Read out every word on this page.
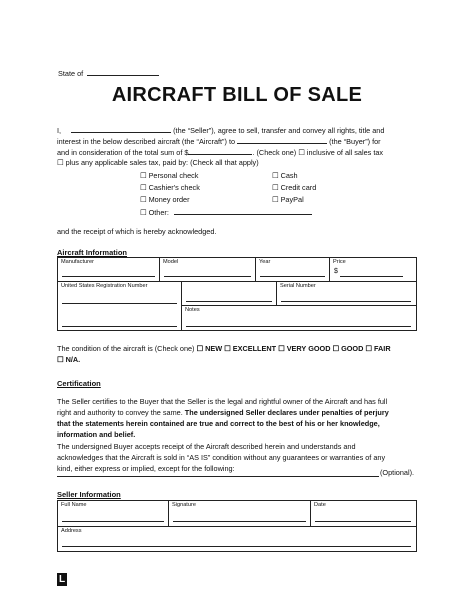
State of
AIRCRAFT BILL OF SALE
I,	(the “Seller”), agree to sell, transfer and convey all rights, title and
interest in the below described aircraft (the “Aircraft”) to	(the “Buyer”) for
and in consideration of the total sum of $	. (Check one) ☐ inclusive of all sales tax
☐ plus any applicable sales tax, paid by: (Check all that apply)
☐ Personal check
☐ Cashier's check
☐ Money order
☐ Other:
☐ Cash
☐ Credit card
☐ PayPal
and the receipt of which is hereby acknowledged.
Aircraft Information
Manufacturer	Model	Year	Price
$
United States Registration Number	Serial Number
Notes
The condition of the aircraft is (Check one) ☐ NEW ☐ EXCELLENT ☐ VERY GOOD ☐ GOOD ☐ FAIR
☐ N/A.
Certification
The Seller certifies to the Buyer that the Seller is the legal and rightful owner of the Aircraft and has full
right and authority to convey the same. The undersigned Seller declares under penalties of perjury
that the statements herein contained are true and correct to the best of his or her knowledge,
information and belief.
The undersigned Buyer accepts receipt of the Aircraft described herein and understands and
acknowledges that the Aircraft is sold in “AS IS” condition without any guarantees or warranties of any
kind, either express or implied, except for the following:	(Optional).
Seller Information
Full Name	Signature	Date
Address
L
